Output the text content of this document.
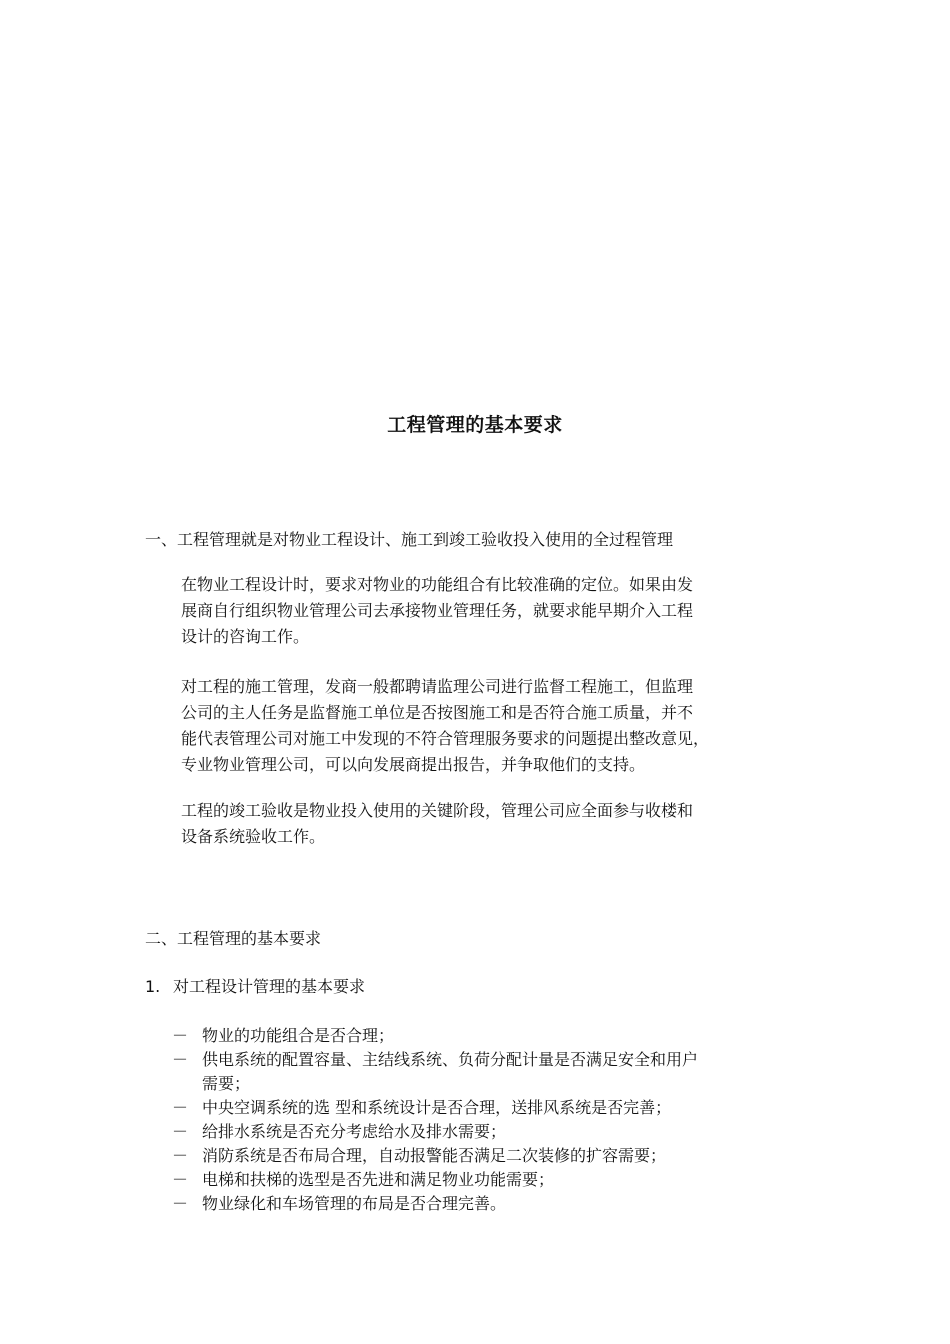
工程管理的基本要求
一、工程管理就是对物业工程设计、施工到竣工验收投入使用的全过程管理

在物业工程设计时，要求对物业的功能组合有比较准确的定位。如果由发
展商自行组织物业管理公司去承接物业管理任务，就要求能早期介入工程
设计的咨询工作。

对工程的施工管理，发商一般都聘请监理公司进行监督工程施工，但监理
公司的主人任务是监督施工单位是否按图施工和是否符合施工质量，并不
能代表管理公司对施工中发现的不符合管理服务要求的问题提出整改意见，
专业物业管理公司，可以向发展商提出报告，并争取他们的支持。

工程的竣工验收是物业投入使用的关键阶段，管理公司应全面参与收楼和
设备系统验收工作。

二、工程管理的基本要求
1. 对工程设计管理的基本要求
－ 物业的功能组合是否合理；
－ 供电系统的配置容量、主结线系统、负荷分配计量是否满足安全和用户
需要；
－ 中央空调系统的选 型和系统设计是否合理，送排风系统是否完善；
－ 给排水系统是否充分考虑给水及排水需要；
－ 消防系统是否布局合理，自动报警能否满足二次装修的扩容需要；
－ 电梯和扶梯的选型是否先进和满足物业功能需要；
－ 物业绿化和车场管理的布局是否合理完善。
